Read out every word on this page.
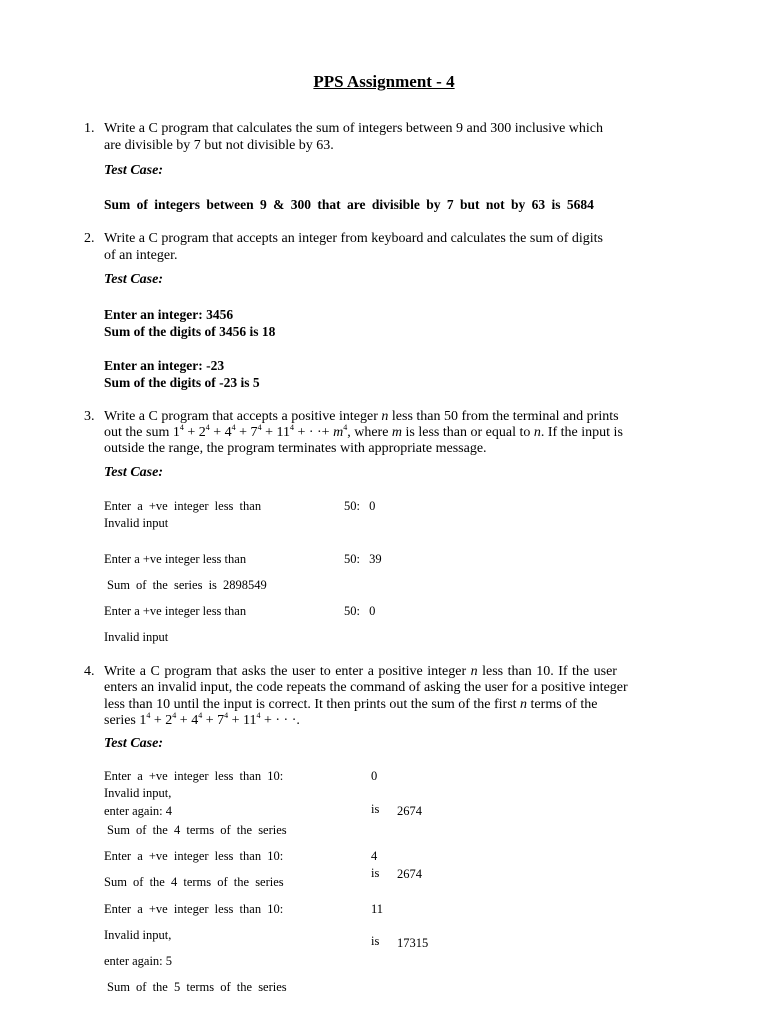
PPS Assignment - 4
1. Write a C program that calculates the sum of integers between 9 and 300 inclusive which
are divisible by 7 but not divisible by 63.
Test Case:
Sum of integers between 9 & 300 that are divisible by 7 but not by 63 is 5684
2. Write a C program that accepts an integer from keyboard and calculates the sum of digits
of an integer.
Test Case:
Enter an integer: 3456
Sum of the digits of 3456 is 18
Enter an integer: -23
Sum of the digits of -23 is 5
3. Write a C program that accepts a positive integer n less than 50 from the terminal and prints
out the sum $1^4 + 2^4 + 4^4 + 7^4 + 11^4$ + · ·+ $m^4$, where m is less than or equal to n. If the input is
outside the range, the program terminates with appropriate message.
Test Case:
Enter a +ve integer less than	50: 0
Invalid input
Enter a +ve integer less than	50: 39
Sum of the series is 2898549
Enter a +ve integer less than	50: 0
Invalid input
4. Write a C program that asks the user to enter a positive integer n less than 10. If the user
enters an invalid input, the code repeats the command of asking the user for a positive integer
less than 10 until the input is correct. It then prints out the sum of the first n terms of the
series $1^4 + 2^4 + 4^4 + 7^4 + 11^4$ + · · ·.
Test Case:
Enter a +ve integer less than 10:	0
Invalid input,
enter again: 4	is 2674
Sum of the 4 terms of the series
Enter a +ve integer less than 10:	4
is 2674
Sum of the 4 terms of the series
Enter a +ve integer less than 10:	11
Invalid input,	is 17315
enter again: 5
Sum of the 5 terms of the series
